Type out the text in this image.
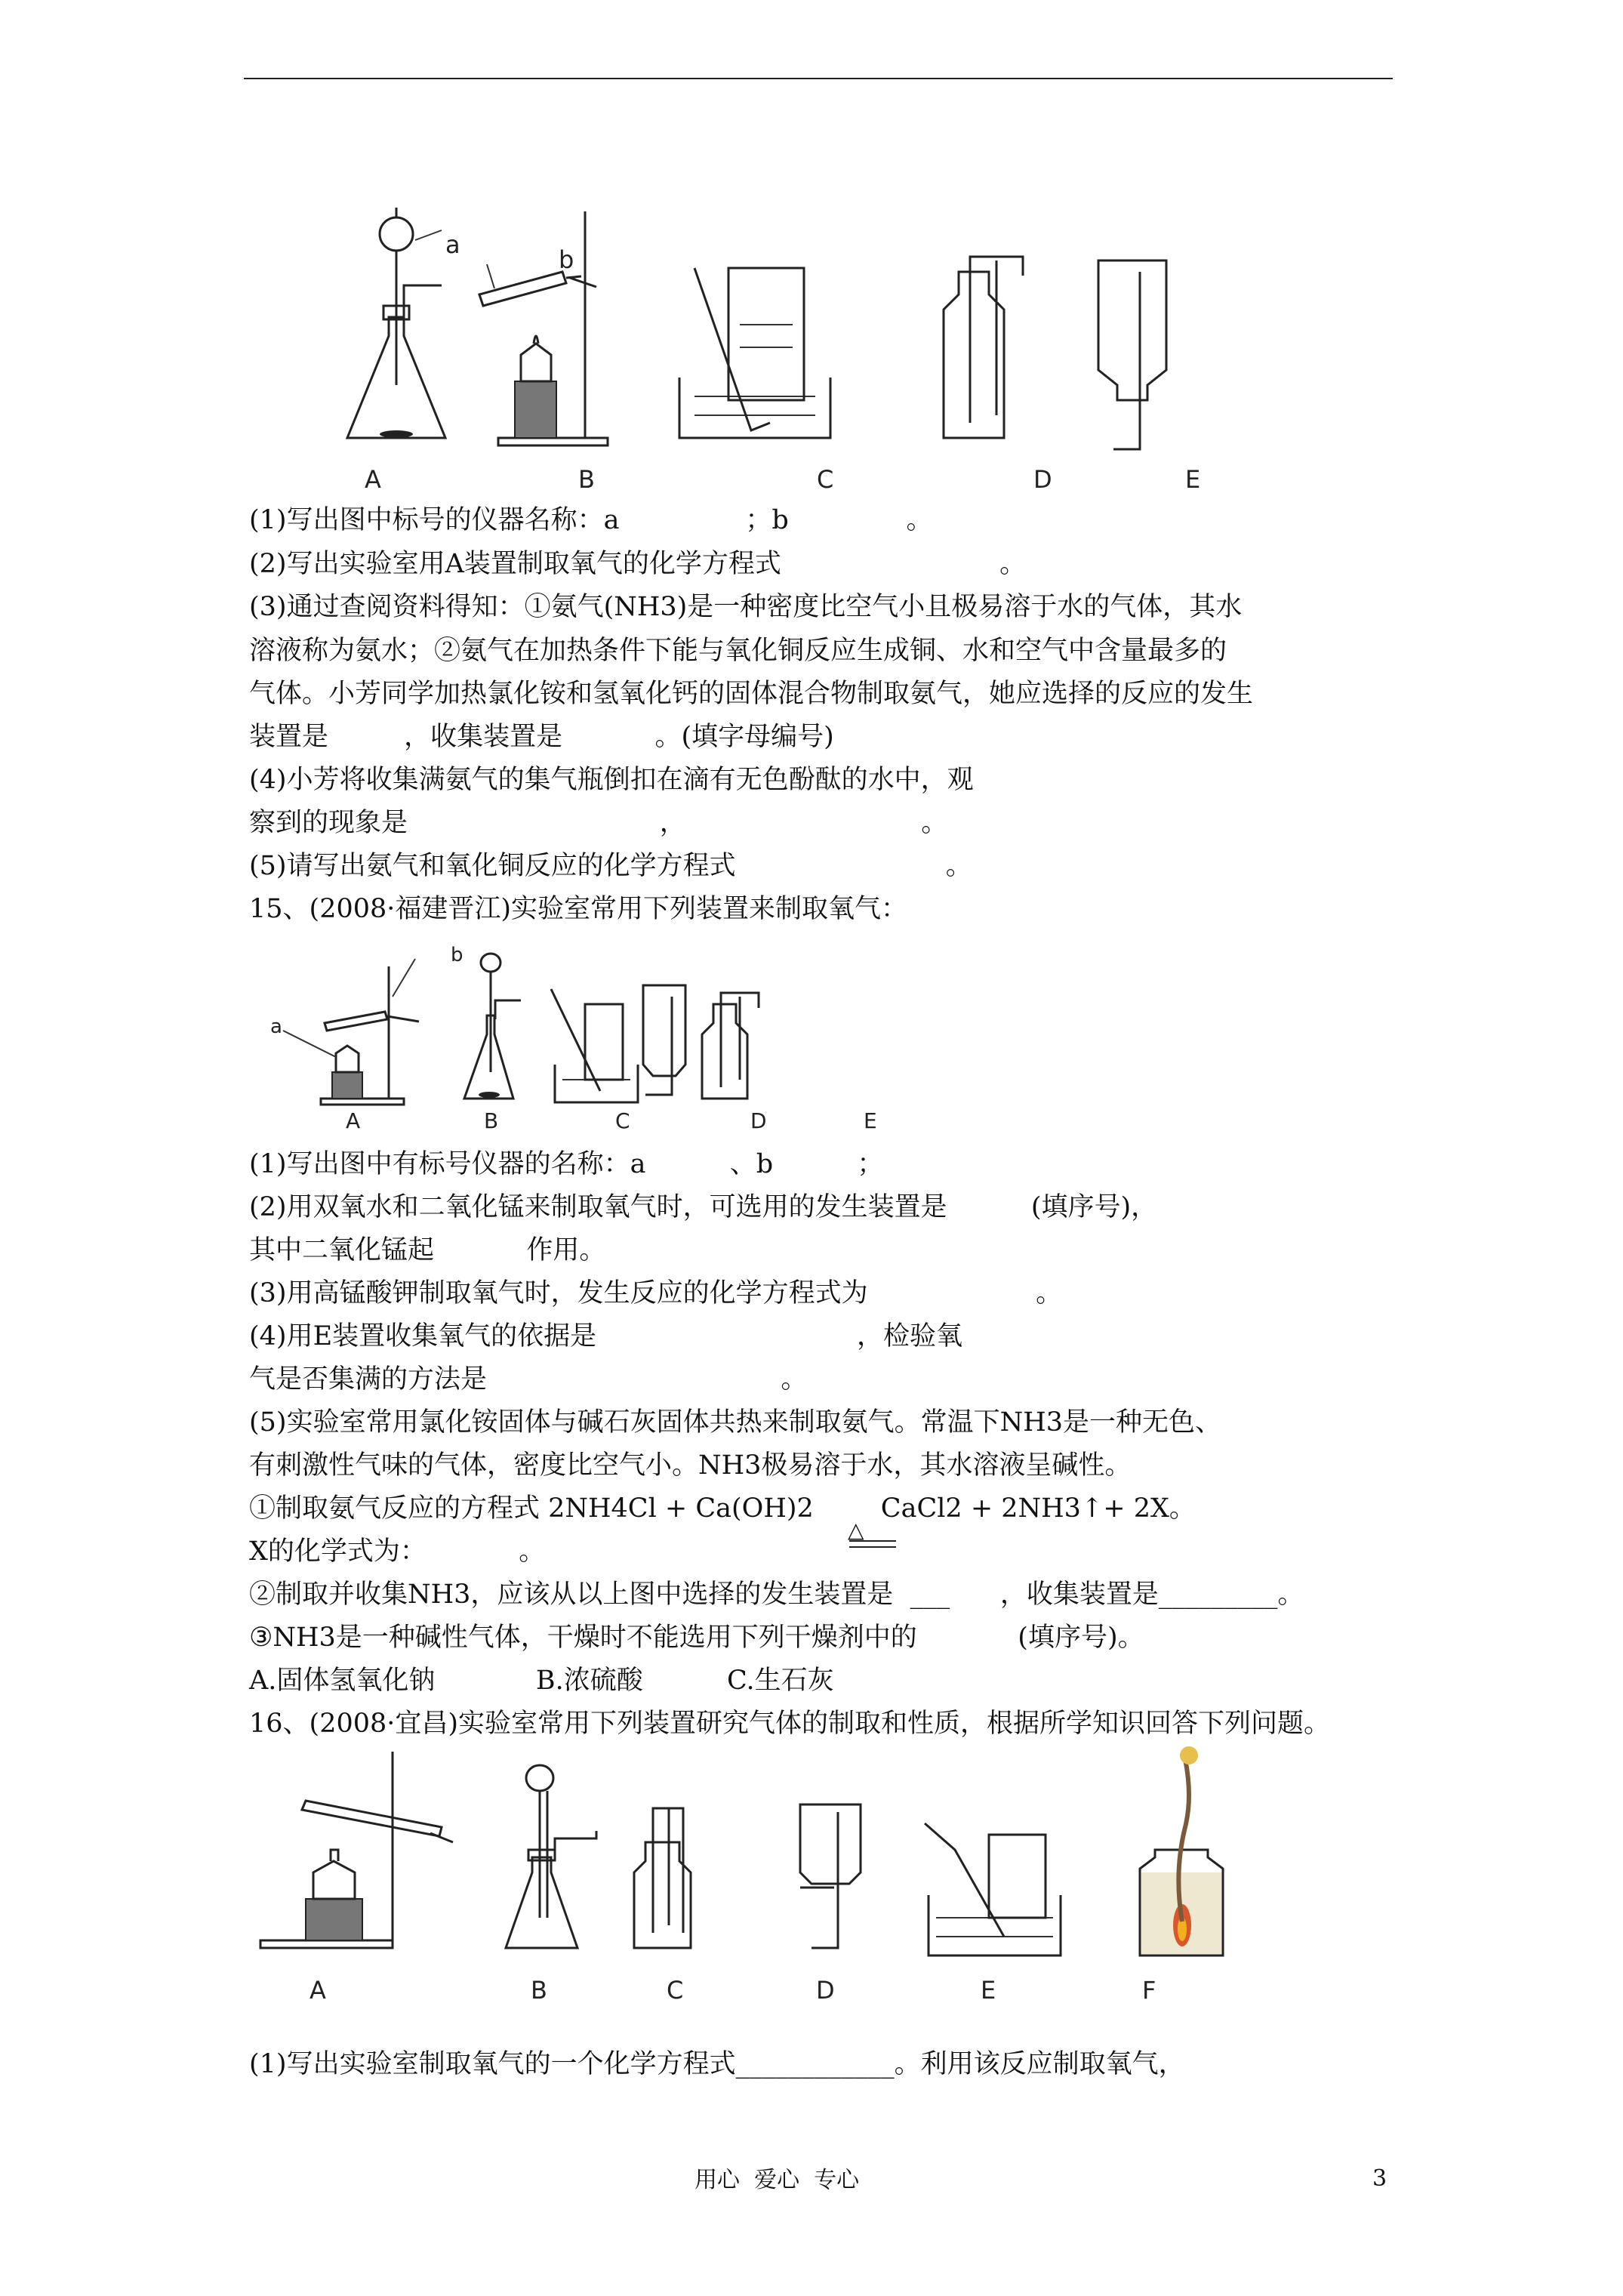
a
b
A	B	C	D	E
(1)写出图中标号的仪器名称：a               ；b              。
(2)写出实验室用A装置制取氧气的化学方程式                          。
(3)通过查阅资料得知：①氨气(NH3)是一种密度比空气小且极易溶于水的气体，其水
溶液称为氨水；②氨气在加热条件下能与氧化铜反应生成铜、水和空气中含量最多的
气体。小芳同学加热氯化铵和氢氧化钙的固体混合物制取氨气，她应选择的反应的发生
装置是         ，收集装置是           。(填字母编号)
(4)小芳将收集满氨气的集气瓶倒扣在滴有无色酚酞的水中，观
察到的现象是                              ，                            。
(5)请写出氨气和氧化铜反应的化学方程式                         。
15、(2008·福建晋江)实验室常用下列装置来制取氧气：
a
b
A	B	C	D	E
(1)写出图中有标号仪器的名称：a          、b          ；
(2)用双氧水和二氧化锰来制取氧气时，可选用的发生装置是          (填序号)，
其中二氧化锰起           作用。
(3)用高锰酸钾制取氧气时，发生反应的化学方程式为                    。
(4)用E装置收集氧气的依据是                               ，检验氧
气是否集满的方法是                                   。
(5)实验室常用氯化铵固体与碱石灰固体共热来制取氨气。常温下NH3是一种无色、
有刺激性气味的气体，密度比空气小。NH3极易溶于水，其水溶液呈碱性。
①制取氨气反应的方程式 2NH4Cl + Ca(OH)2        CaCl2 + 2NH3↑+ 2X。
△
X的化学式为：           。
②制取并收集NH3，应该从以上图中选择的发生装置是  ___      ，收集装置是_________。
③NH3是一种碱性气体，干燥时不能选用下列干燥剂中的            (填序号)。
A.固体氢氧化钠            B.浓硫酸          C.生石灰
16、(2008·宜昌)实验室常用下列装置研究气体的制取和性质，根据所学知识回答下列问题。
A	B	C	D	E	F
(1)写出实验室制取氧气的一个化学方程式____________。利用该反应制取氧气，
用心  爱心  专心	3
